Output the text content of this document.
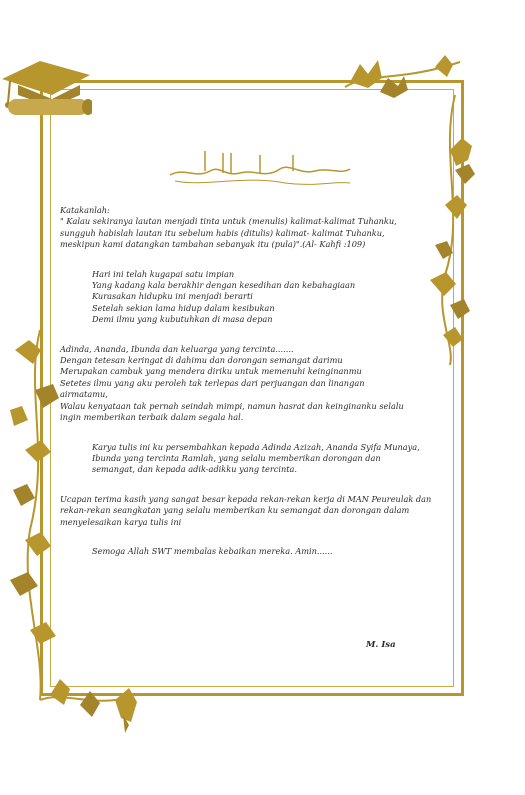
Katakanlah:

" Kalau sekiranya lautan menjadi tinta untuk (menulis) kalimat-kalimat Tuhanku,

sungguh habislah lautan itu sebelum habis (ditulis) kalimat- kalimat Tuhanku,

meskipun kami datangkan tambahan sebanyak itu (pula)".(Al- Kahfi :109)

Hari ini telah kugapai satu impian

Yang kadang kala berakhir dengan kesedihan dan kebahagiaan

Kurasakan hidupku ini menjadi berarti

Setelah sekian lama hidup dalam kesibukan

Demi ilmu yang kubutuhkan di masa depan

Adinda, Ananda, Ibunda dan keluarga yang tercinta.......

Dengan tetesan keringat di dahimu dan dorongan semangat darimu

Merupakan cambuk yang mendera diriku untuk memenuhi keinginanmu

Setetes ilmu yang aku peroleh tak terlepas dari perjuangan dan linangan

airmatamu,

Walau kenyataan tak pernah seindah mimpi, namun hasrat dan keinginanku selalu

ingin memberikan terbaik dalam segala hal.

Karya tulis ini ku persembahkan kepada Adinda Azizah, Ananda Syifa Munaya, Ibunda yang tercinta Ramlah, yang selalu memberikan dorongan dan semangat, dan kepada adik-adikku yang tercinta.

Ucapan terima kasih yang sangat besar kepada rekan-rekan kerja di MAN Peureulak dan rekan-rekan seangkatan yang selalu memberikan ku semangat dan dorongan dalam menyelesaikan karya tulis ini

Semoga Allah SWT membalas kebaikan mereka. Amin......

M. Isa
